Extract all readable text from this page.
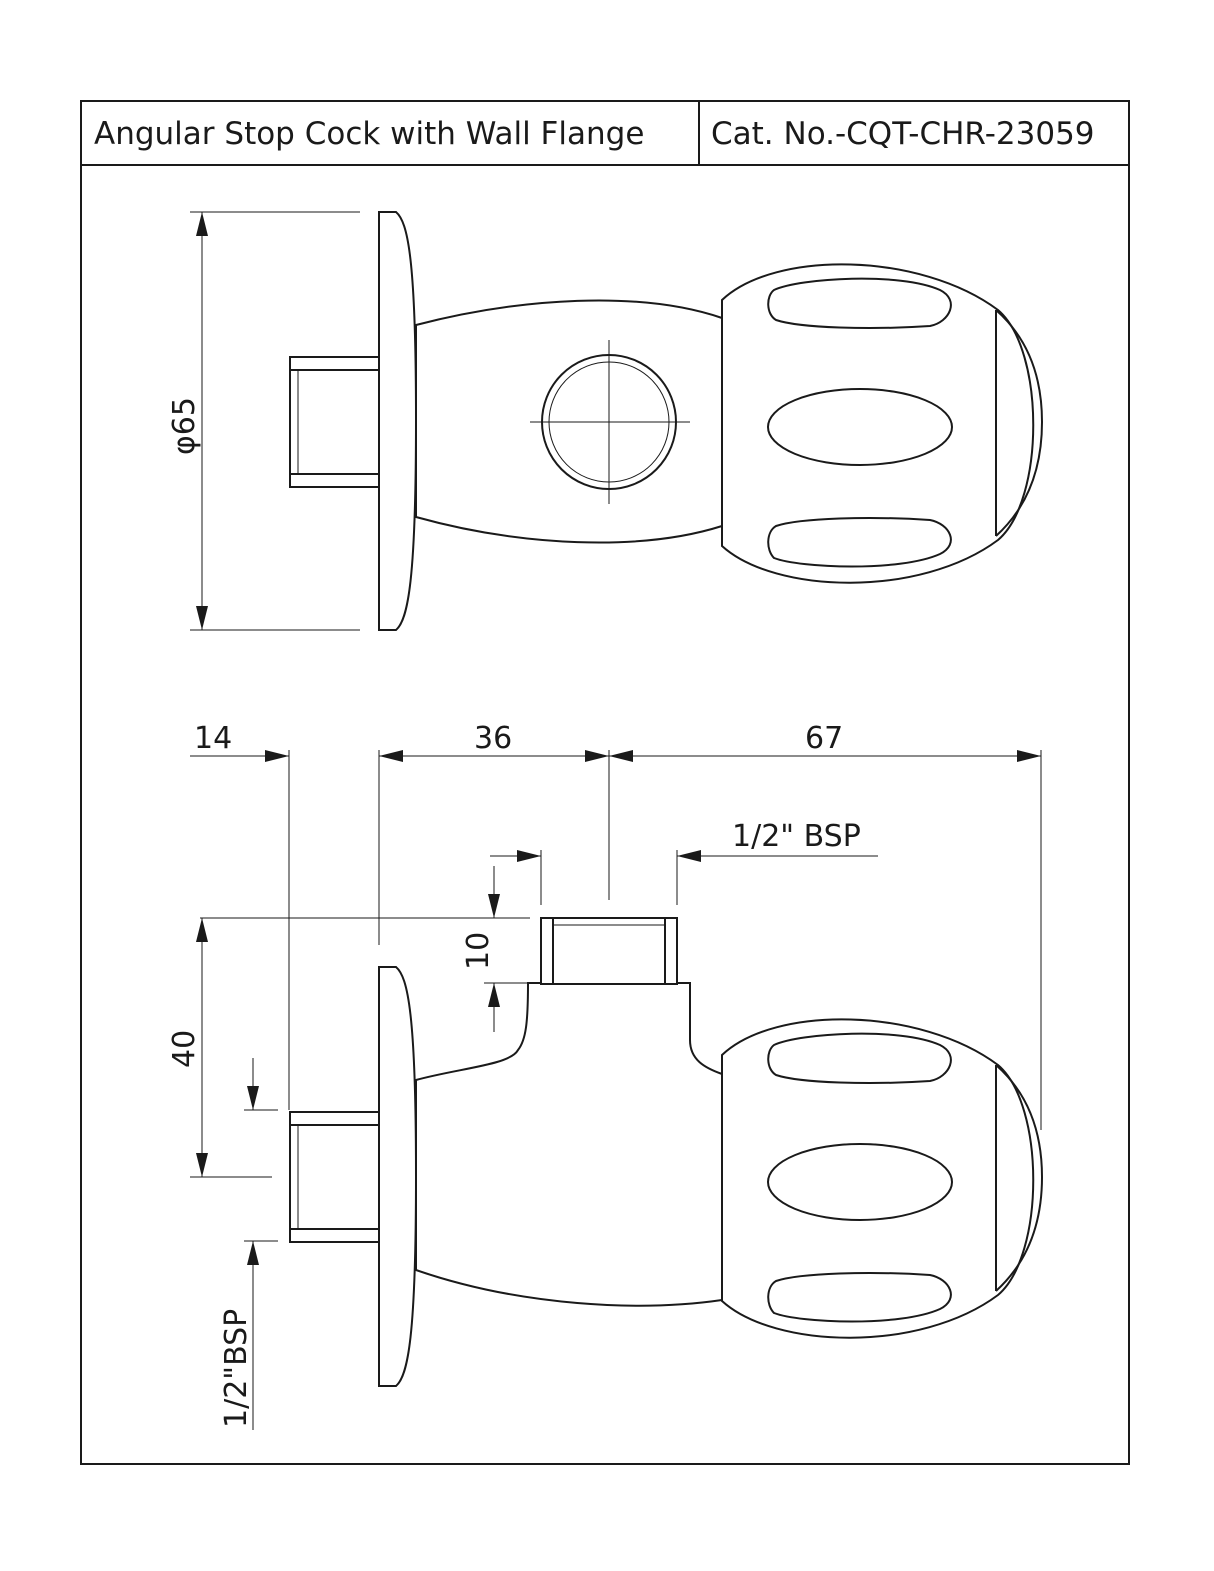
Angular Stop Cock with Wall Flange Cat. No.-CQT-CHR-23059
φ65
14	36	67
1/2" BSP
10
40
1/2"BSP
